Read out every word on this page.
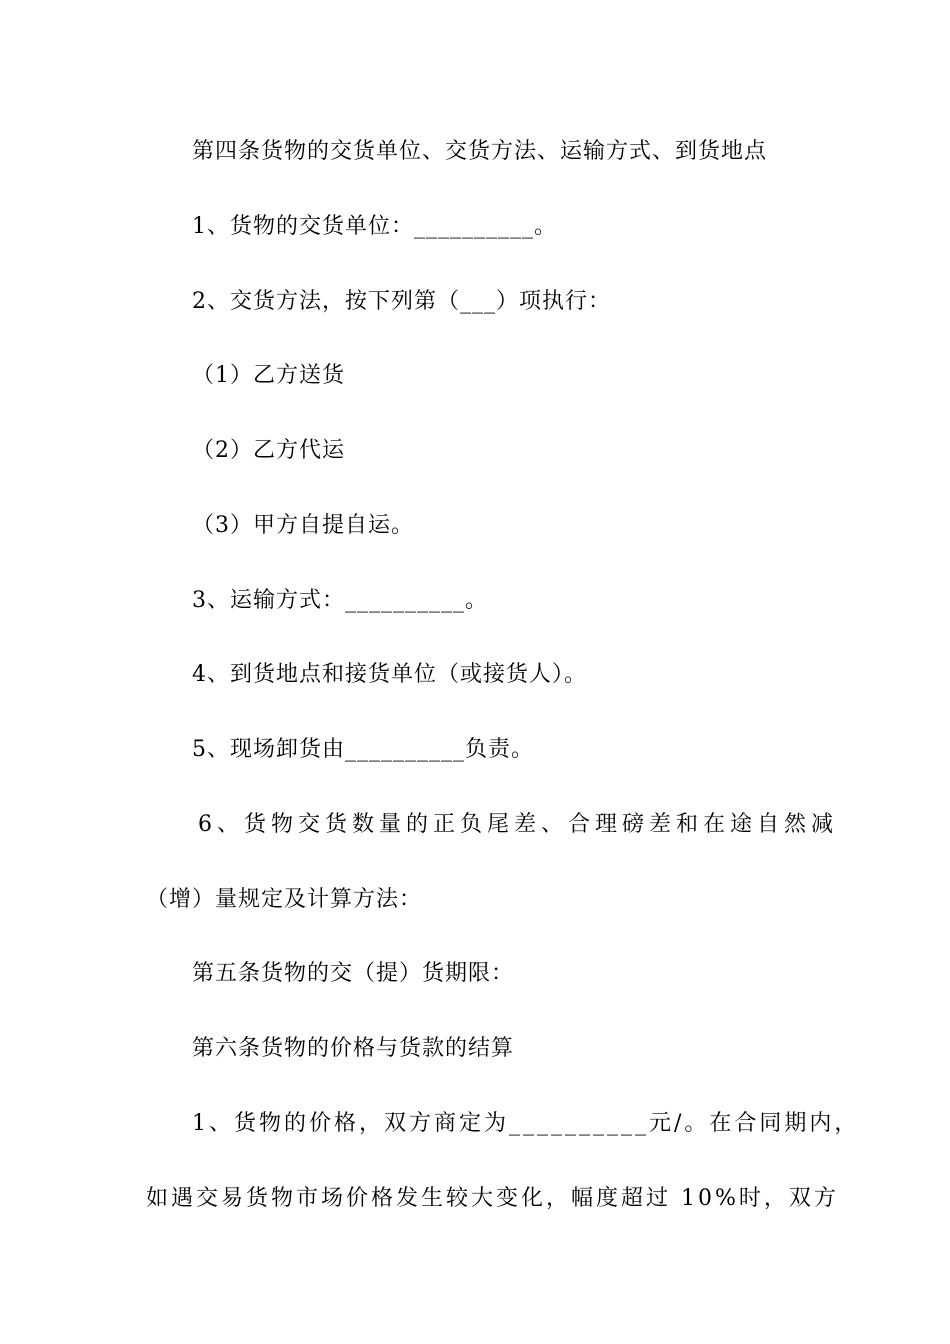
第四条货物的交货单位、交货方法、运输方式、到货地点
1、货物的交货单位：__________。
2、交货方法，按下列第（___）项执行：
（1）乙方送货
（2）乙方代运
（3）甲方自提自运。
3、运输方式：__________。
4、到货地点和接货单位（或接货人）。
5、现场卸货由__________负责。
6、货物交货数量的正负尾差、合理磅差和在途自然减
（增）量规定及计算方法：
第五条货物的交（提）货期限：
第六条货物的价格与货款的结算
1、货物的价格，双方商定为__________元/。在合同期内，
如遇交易货物市场价格发生较大变化，幅度超过 10%时，双方
